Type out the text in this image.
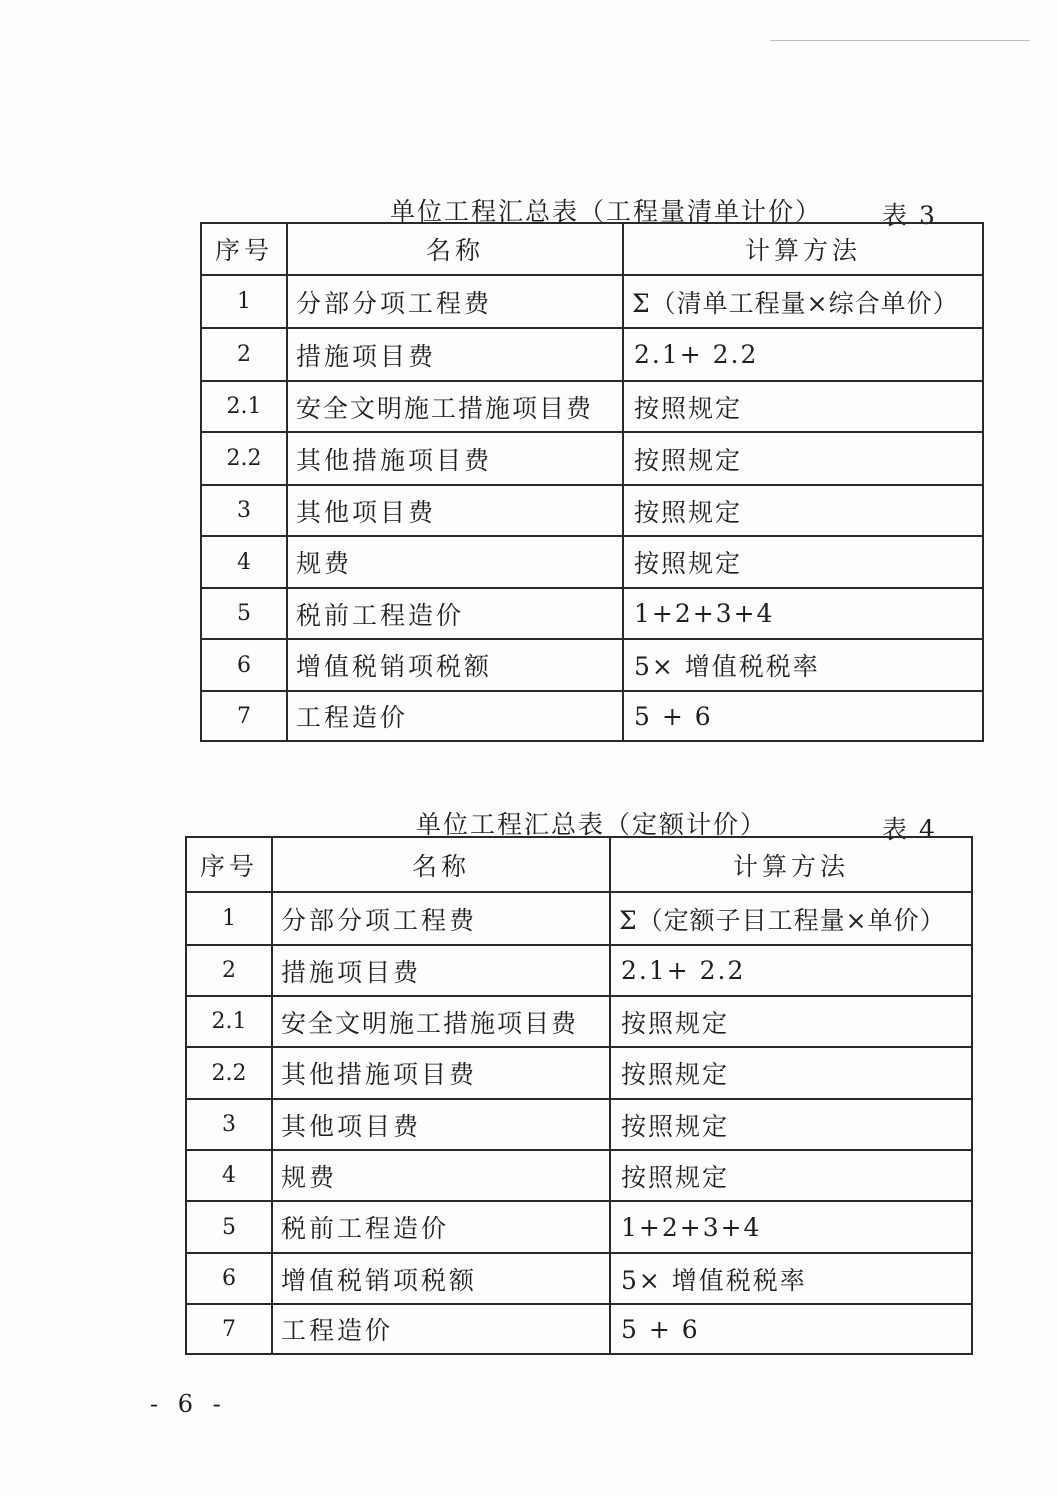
单位工程汇总表（工程量清单计价） 表 3
序号	名称	计算方法
1	分部分项工程费	Σ（清单工程量×综合单价）
2	措施项目费	2.1+ 2.2
2.1	安全文明施工措施项目费	按照规定
2.2	其他措施项目费	按照规定
3	其他项目费	按照规定
4	规费	按照规定
5	税前工程造价	1+2+3+4
6	增值税销项税额	5× 增值税税率
7	工程造价	5 + 6
单位工程汇总表（定额计价）	表 4
序号	名称	计算方法
1	分部分项工程费	Σ（定额子目工程量×单价）
2	措施项目费	2.1+ 2.2
2.1	安全文明施工措施项目费	按照规定
2.2	其他措施项目费	按照规定
3	其他项目费	按照规定
4	规费	按照规定
5	税前工程造价	1+2+3+4
6	增值税销项税额	5× 增值税税率
7	工程造价	5 + 6
- 6 -
